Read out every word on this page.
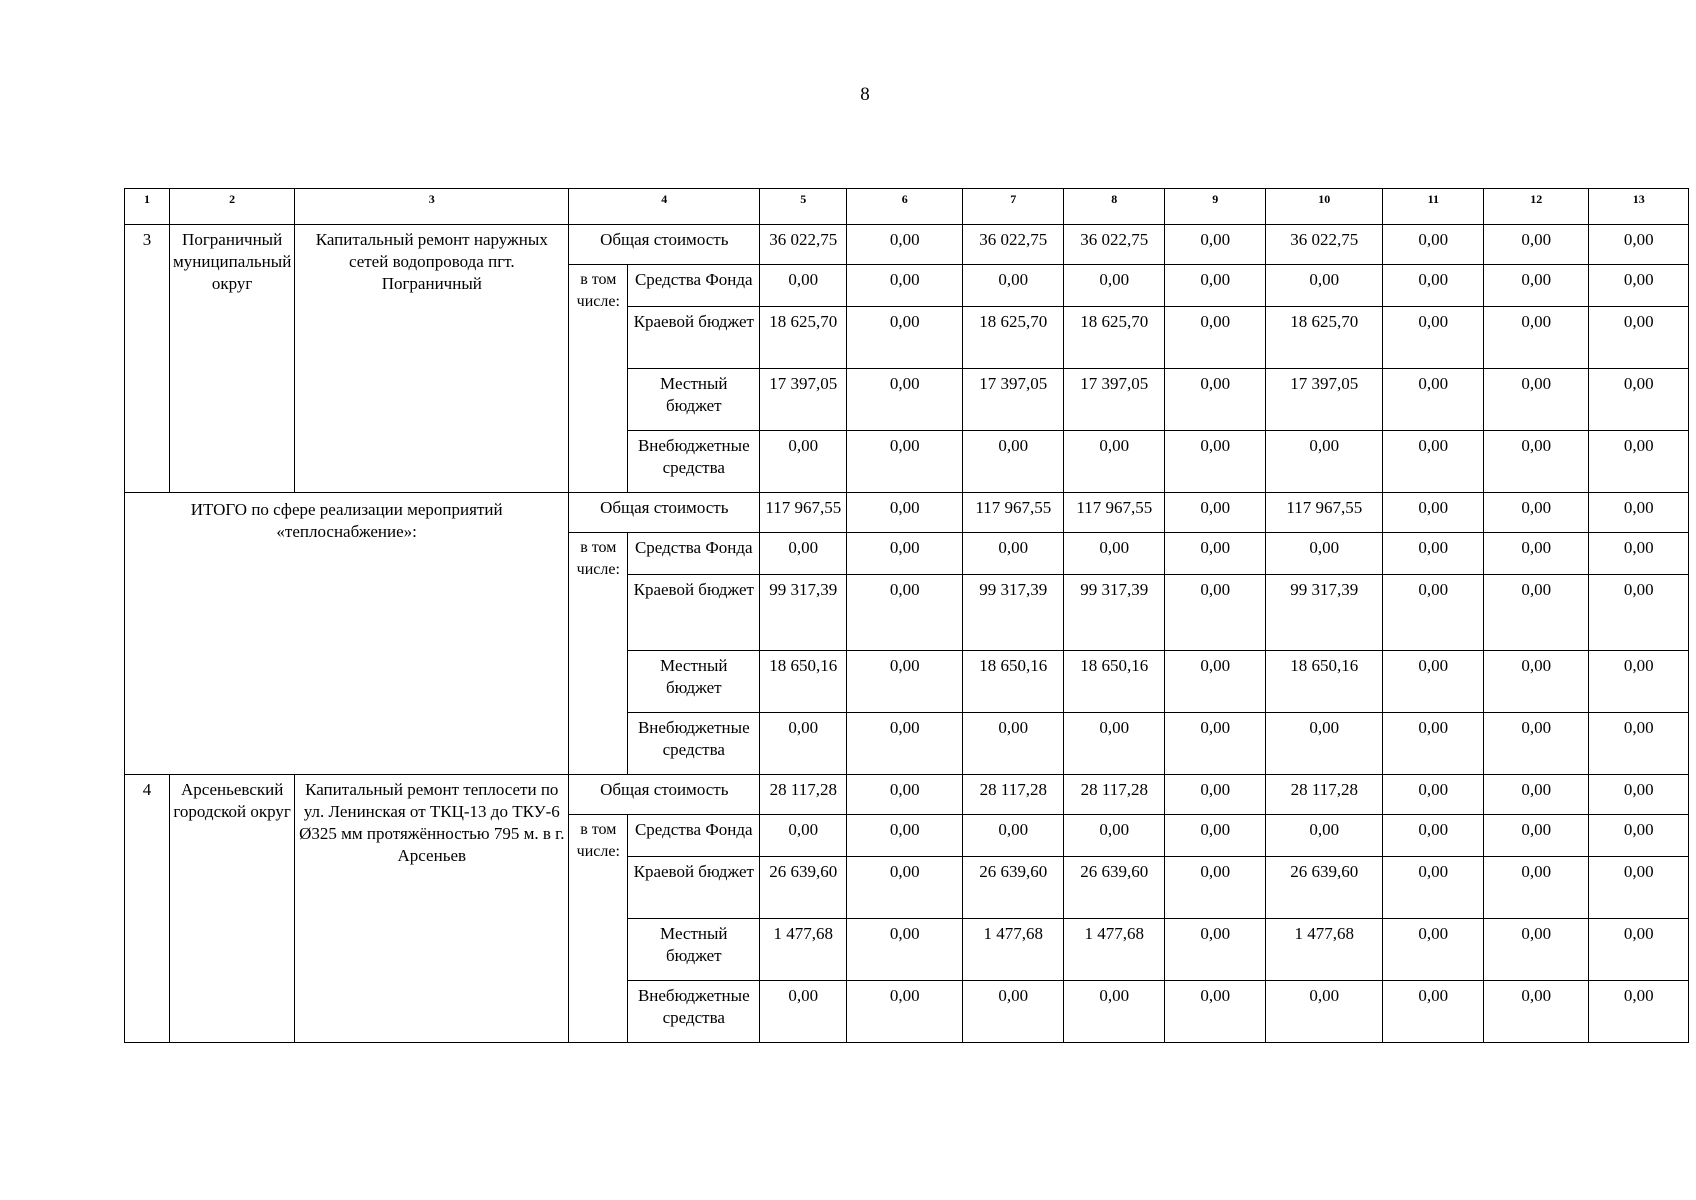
8
1	2	3	4		5	6	7	8	9	10	11	12	13
3	Пограничный муниципальный округ	Капитальный ремонт наружных сетей водопровода пгт. Пограничный	Общая стоимость		36 022,75	0,00	36 022,75	36 022,75	0,00	36 022,75	0,00	0,00	0,00
			в том числе:	Средства Фонда	0,00	0,00	0,00	0,00	0,00	0,00	0,00	0,00	0,00
				Краевой бюджет	18 625,70	0,00	18 625,70	18 625,70	0,00	18 625,70	0,00	0,00	0,00
				Местный бюджет	17 397,05	0,00	17 397,05	17 397,05	0,00	17 397,05	0,00	0,00	0,00
				Внебюджетные средства	0,00	0,00	0,00	0,00	0,00	0,00	0,00	0,00	0,00
ИТОГО по сфере реализации мероприятий «теплоснабжение»:			Общая стоимость		117 967,55	0,00	117 967,55	117 967,55	0,00	117 967,55	0,00	0,00	0,00
			в том числе:	Средства Фонда	0,00	0,00	0,00	0,00	0,00	0,00	0,00	0,00	0,00
				Краевой бюджет	99 317,39	0,00	99 317,39	99 317,39	0,00	99 317,39	0,00	0,00	0,00
				Местный бюджет	18 650,16	0,00	18 650,16	18 650,16	0,00	18 650,16	0,00	0,00	0,00
				Внебюджетные средства	0,00	0,00	0,00	0,00	0,00	0,00	0,00	0,00	0,00
4	Арсеньевский городской округ	Капитальный ремонт теплосети по ул. Ленинская от ТКЦ-13 до ТКУ-6 Ø325 мм протяжённостью 795 м. в г. Арсеньев	Общая стоимость		28 117,28	0,00	28 117,28	28 117,28	0,00	28 117,28	0,00	0,00	0,00
			в том числе:	Средства Фонда	0,00	0,00	0,00	0,00	0,00	0,00	0,00	0,00	0,00
				Краевой бюджет	26 639,60	0,00	26 639,60	26 639,60	0,00	26 639,60	0,00	0,00	0,00
				Местный бюджет	1 477,68	0,00	1 477,68	1 477,68	0,00	1 477,68	0,00	0,00	0,00
				Внебюджетные средства	0,00	0,00	0,00	0,00	0,00	0,00	0,00	0,00	0,00
